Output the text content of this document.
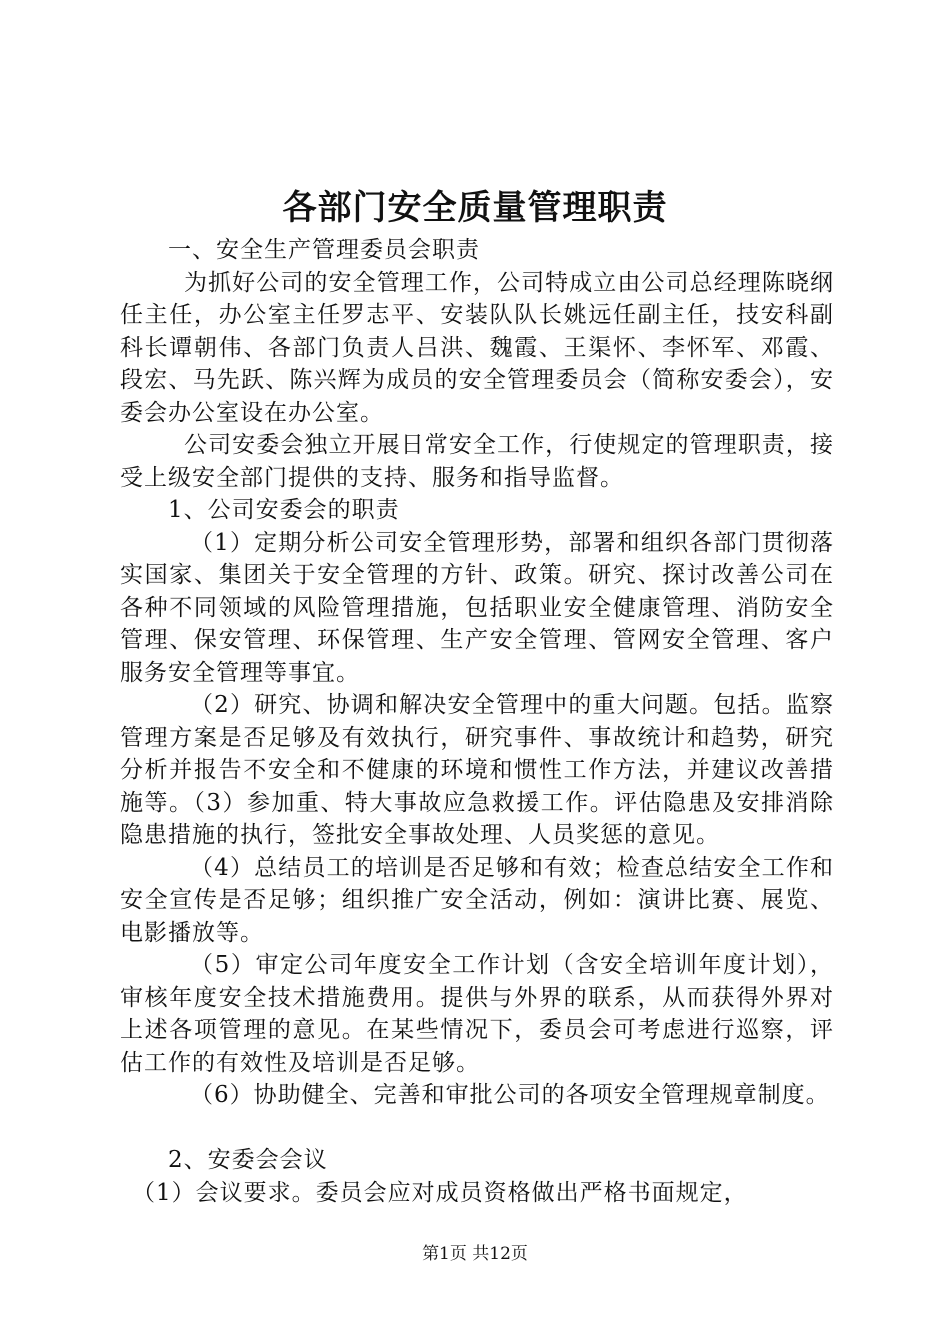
各部门安全质量管理职责

一、安全生产管理委员会职责

为抓好公司的安全管理工作，公司特成立由公司总经理陈晓纲任主任，办公室主任罗志平、安装队队长姚远任副主任，技安科副科长谭朝伟、各部门负责人吕洪、魏霞、王渠怀、李怀军、邓霞、段宏、马先跃、陈兴辉为成员的安全管理委员会（简称安委会），安委会办公室设在办公室。

公司安委会独立开展日常安全工作，行使规定的管理职责，接受上级安全部门提供的支持、服务和指导监督。

1、公司安委会的职责

（1）定期分析公司安全管理形势，部署和组织各部门贯彻落实国家、集团关于安全管理的方针、政策。研究、探讨改善公司在各种不同领域的风险管理措施，包括职业安全健康管理、消防安全管理、保安管理、环保管理、生产安全管理、管网安全管理、客户服务安全管理等事宜。

（2）研究、协调和解决安全管理中的重大问题。包括。监察管理方案是否足够及有效执行，研究事件、事故统计和趋势，研究分析并报告不安全和不健康的环境和惯性工作方法，并建议改善措施等。（3）参加重、特大事故应急救援工作。评估隐患及安排消除隐患措施的执行，签批安全事故处理、人员奖惩的意见。

（4）总结员工的培训是否足够和有效；检查总结安全工作和安全宣传是否足够；组织推广安全活动，例如：演讲比赛、展览、电影播放等。

（5）审定公司年度安全工作计划（含安全培训年度计划），审核年度安全技术措施费用。提供与外界的联系，从而获得外界对上述各项管理的意见。在某些情况下，委员会可考虑进行巡察，评估工作的有效性及培训是否足够。

（6）协助健全、完善和审批公司的各项安全管理规章制度。

2、安委会会议

（1）会议要求。委员会应对成员资格做出严格书面规定，

第1页 共12页
